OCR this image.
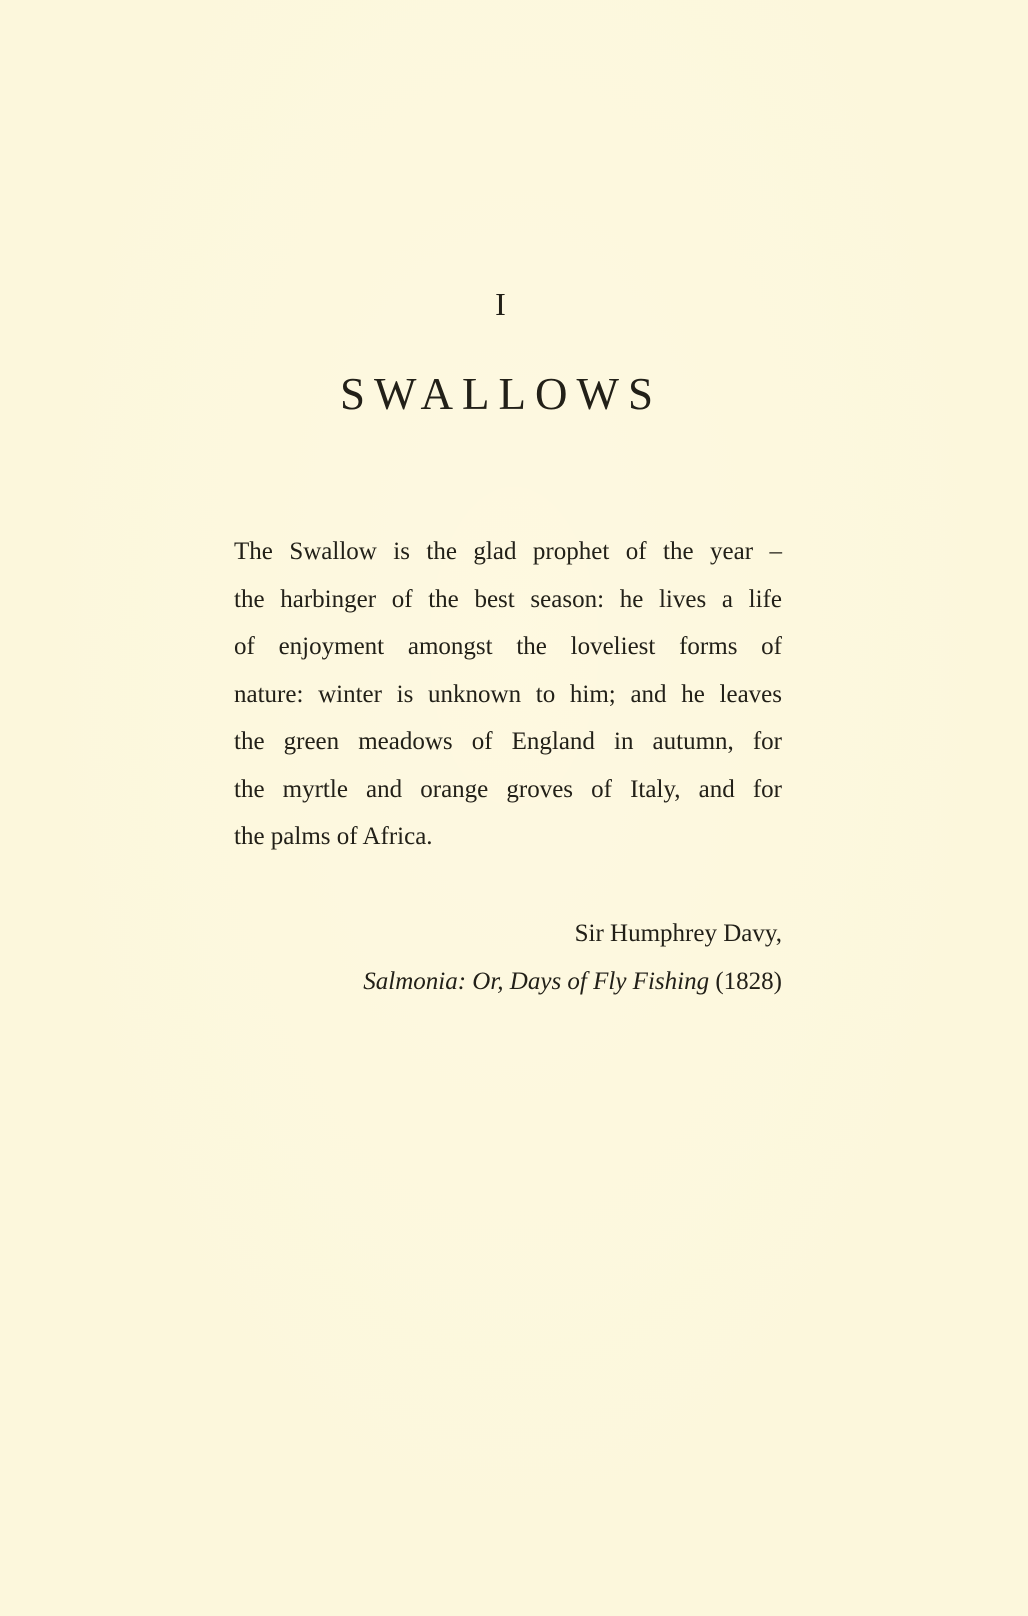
I
SWALLOWS
The Swallow is the glad prophet of the year –
the harbinger of the best season: he lives a life
of enjoyment amongst the loveliest forms of
nature: winter is unknown to him; and he leaves
the green meadows of England in autumn, for
the myrtle and orange groves of Italy, and for
the palms of Africa.
Sir Humphrey Davy,
Salmonia: Or, Days of Fly Fishing (1828)
